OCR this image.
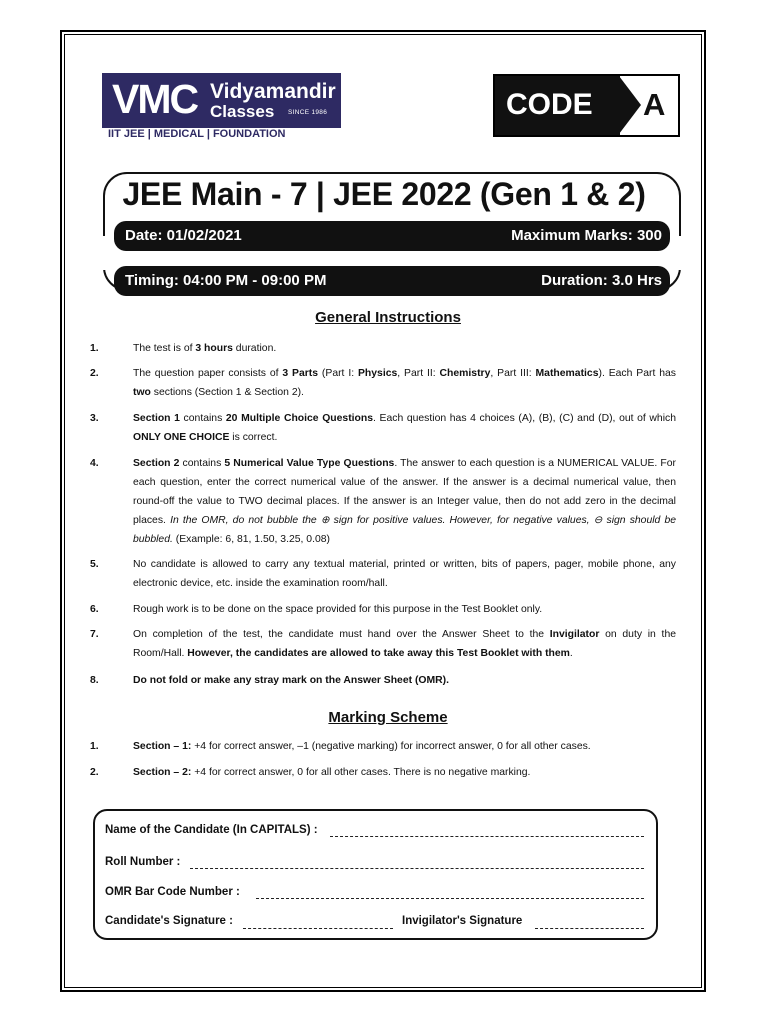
VMC Vidyamandir
Classes SINCE 1986
IIT JEE | MEDICAL | FOUNDATION
CODE A
JEE Main - 7 | JEE 2022 (Gen 1 & 2)
Date: 01/02/2021	Maximum Marks: 300
Timing: 04:00 PM - 09:00 PM	Duration: 3.0 Hrs
General Instructions
1.	The test is of 3 hours duration.
2.	The question paper consists of 3 Parts (Part I: Physics, Part II: Chemistry, Part III: Mathematics). Each Part has two sections (Section 1 & Section 2).
3.	Section 1 contains 20 Multiple Choice Questions. Each question has 4 choices (A), (B), (C) and (D), out of which ONLY ONE CHOICE is correct.
4.	Section 2 contains 5 Numerical Value Type Questions. The answer to each question is a NUMERICAL VALUE. For each question, enter the correct numerical value of the answer. If the answer is a decimal numerical value, then round-off the value to TWO decimal places. If the answer is an Integer value, then do not add zero in the decimal places. In the OMR, do not bubble the ⊕ sign for positive values. However, for negative values, ⊖ sign should be bubbled. (Example: 6, 81, 1.50, 3.25, 0.08)
5.	No candidate is allowed to carry any textual material, printed or written, bits of papers, pager, mobile phone, any electronic device, etc. inside the examination room/hall.
6.	Rough work is to be done on the space provided for this purpose in the Test Booklet only.
7.	On completion of the test, the candidate must hand over the Answer Sheet to the Invigilator on duty in the Room/Hall. However, the candidates are allowed to take away this Test Booklet with them.
8.	Do not fold or make any stray mark on the Answer Sheet (OMR).
Marking Scheme
1.	Section – 1: +4 for correct answer, –1 (negative marking) for incorrect answer, 0 for all other cases.
2.	Section – 2: +4 for correct answer, 0 for all other cases. There is no negative marking.
Name of the Candidate (In CAPITALS) :
Roll Number :
OMR Bar Code Number :
Candidate's Signature :	Invigilator's Signature
